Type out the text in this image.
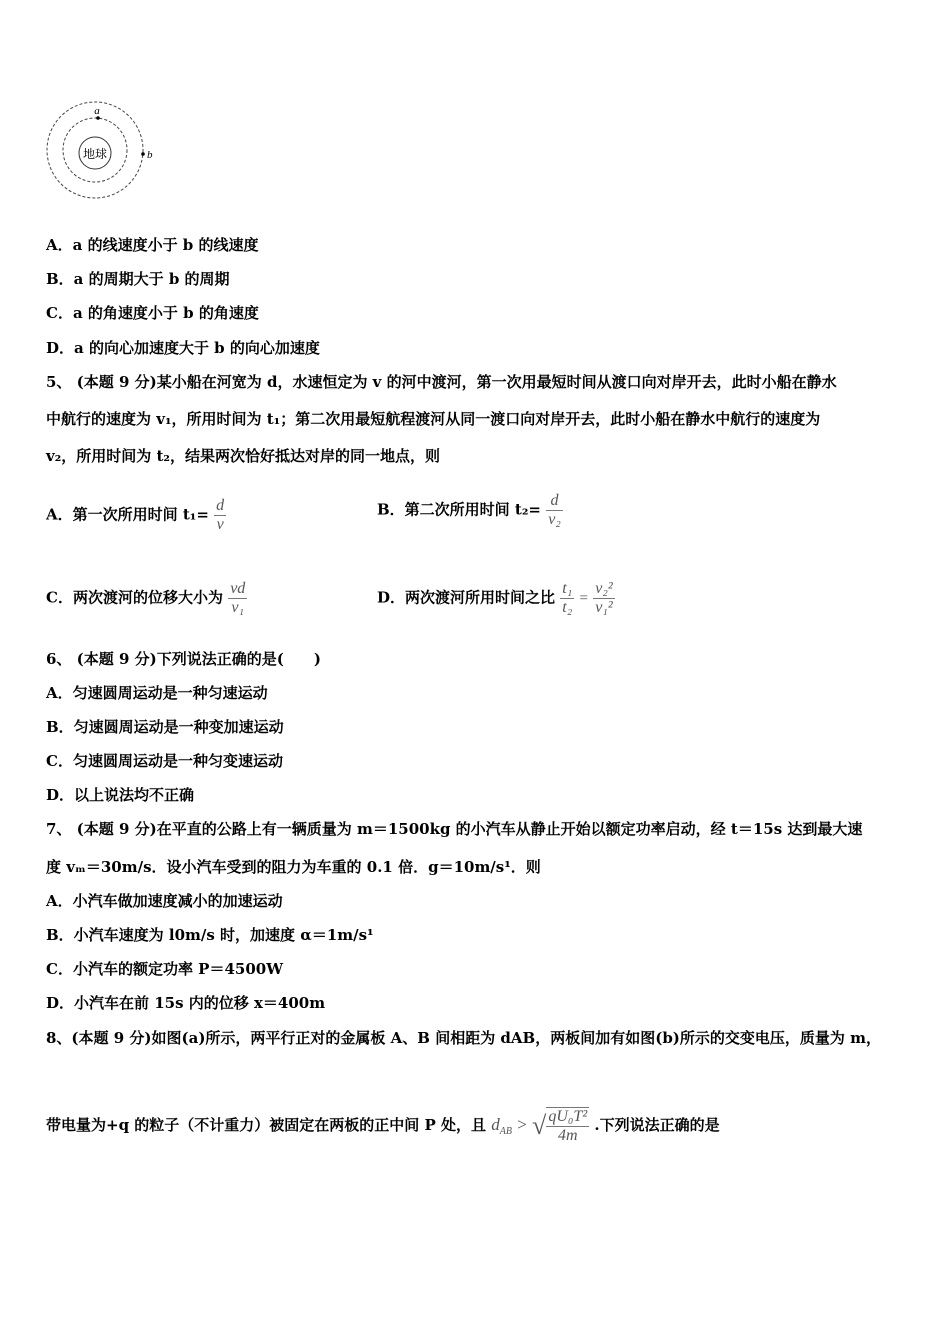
地球
a
b
A．a 的线速度小于 b 的线速度
B．a 的周期大于 b 的周期
C．a 的角速度小于 b 的角速度
D．a 的向心加速度大于 b 的向心加速度
5、 (本题 9 分)某小船在河宽为 d，水速恒定为 v 的河中渡河，第一次用最短时间从渡口向对岸开去，此时小船在静水
中航行的速度为 v₁，所用时间为 t₁；第二次用最短航程渡河从同一渡口向对岸开去，此时小船在静水中航行的速度为
v₂，所用时间为 t₂，结果两次恰好抵达对岸的同一地点，则
A．第一次所用时间 $t_1= \frac{d}{v}$	B．第二次所用时间 $t_2= \frac{d}{\text{v₂}}$
C．两次渡河的位移大小为 $\frac{vd}{\text{v₁}}$	D．两次渡河所用时间之比 $\frac{\text{t₁}}{\text{t₂}} = \frac{\text{v₂²}}{\text{v₁²}}$
6、 (本题 9 分)下列说法正确的是(　　)
A．匀速圆周运动是一种匀速运动
B．匀速圆周运动是一种变加速运动
C．匀速圆周运动是一种匀变速运动
D．以上说法均不正确
7、 (本题 9 分)在平直的公路上有一辆质量为 m＝1500kg 的小汽车从静止开始以额定功率启动，经 t＝15s 达到最大速
度 vₘ＝30m/s．设小汽车受到的阻力为车重的 0.1 倍．g＝10m/s¹．则
A．小汽车做加速度减小的加速运动
B．小汽车速度为 l0m/s 时，加速度 α＝1m/s¹
C．小汽车的额定功率 P＝4500W
D．小汽车在前 15s 内的位移 x＝400m
8、(本题 9 分)如图(a)所示，两平行正对的金属板 A、B 间相距为 dAB，两板间加有如图(b)所示的交变电压，质量为 m，
带电量为+q 的粒子（不计重力）被固定在两板的正中间 P 处，且 $d_{AB}$ > √ $\frac{\text{qU₀T²}}{4m}$ .下列说法正确的是
